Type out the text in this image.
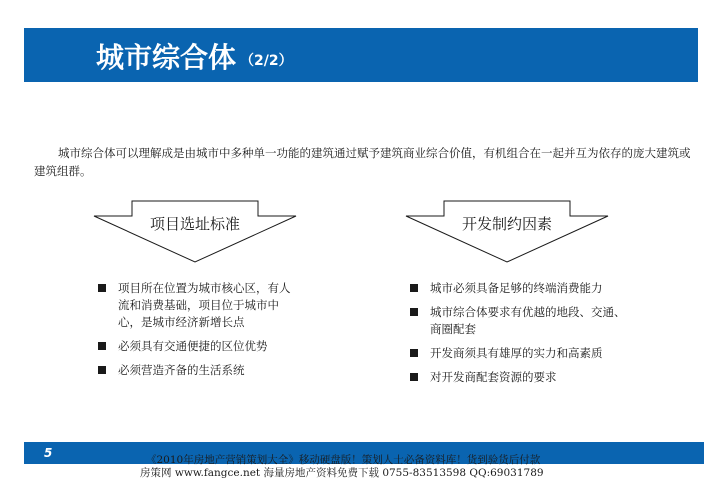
城市综合体 （2/2）
城市综合体可以理解成是由城市中多种单一功能的建筑通过赋予建筑商业综合价值，有机组合在一起并互为依存的庞大建筑或建筑组群。
项目选址标准	开发制约因素
项目所在位置为城市核心区，有人流和消费基础，项目位于城市中心，是城市经济新增长点
必须具有交通便捷的区位优势
必须营造齐备的生活系统
城市必须具备足够的终端消费能力
城市综合体要求有优越的地段、交通、商圈配套
开发商须具有雄厚的实力和高素质
对开发商配套资源的要求
5	《2010年房地产营销策划大全》移动硬盘版！策划人士必备资料库！货到验货后付款
房策网 www.fangce.net 海量房地产资料免费下载 0755-83513598 QQ:69031789
